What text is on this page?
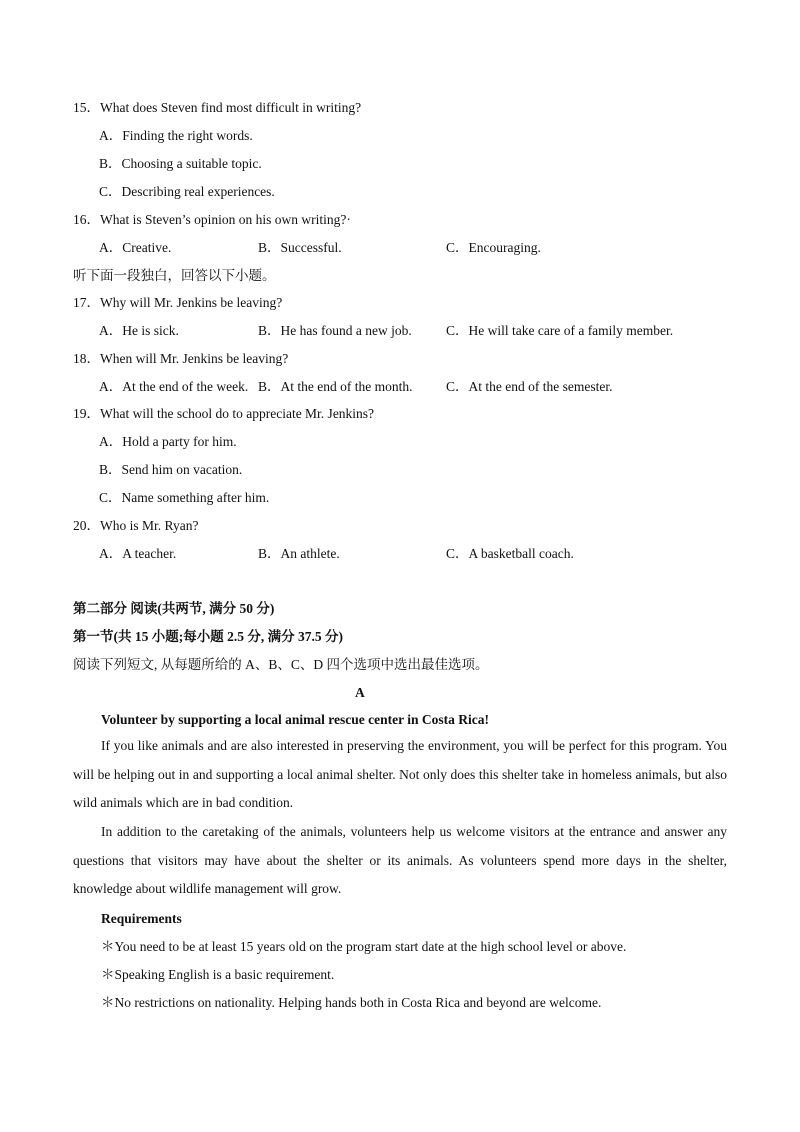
15．What does Steven find most difficult in writing?
A．Finding the right words.
B．Choosing a suitable topic.
C．Describing real experiences.
16．What is Steven’s opinion on his own writing?·
A．Creative.	B．Successful.	C．Encouraging.
听下面一段独白，回答以下小题。
17．Why will Mr. Jenkins be leaving?
A．He is sick.	B．He has found a new job.	C．He will take care of a family member.
18．When will Mr. Jenkins be leaving?
A．At the end of the week. B．At the end of the month. C．At the end of the semester.
19．What will the school do to appreciate Mr. Jenkins?
A．Hold a party for him.
B．Send him on vacation.
C．Name something after him.
20．Who is Mr. Ryan?
A．A teacher.	B．An athlete.	C．A basketball coach.
第二部分 阅读(共两节, 满分 50 分)
第一节(共 15 小题;每小题 2.5 分, 满分 37.5 分)
阅读下列短文, 从每题所给的 A、B、C、D 四个选项中选出最佳选项。
A
Volunteer by supporting a local animal rescue center in Costa Rica!
If you like animals and are also interested in preserving the environment, you will be perfect for this program. You will be helping out in and supporting a local animal shelter. Not only does this shelter take in homeless animals, but also wild animals which are in bad condition.
In addition to the caretaking of the animals, volunteers help us welcome visitors at the entrance and answer any questions that visitors may have about the shelter or its animals. As volunteers spend more days in the shelter, knowledge about wildlife management will grow.
Requirements
＊You need to be at least 15 years old on the program start date at the high school level or above.
＊Speaking English is a basic requirement.
＊No restrictions on nationality. Helping hands both in Costa Rica and beyond are welcome.
